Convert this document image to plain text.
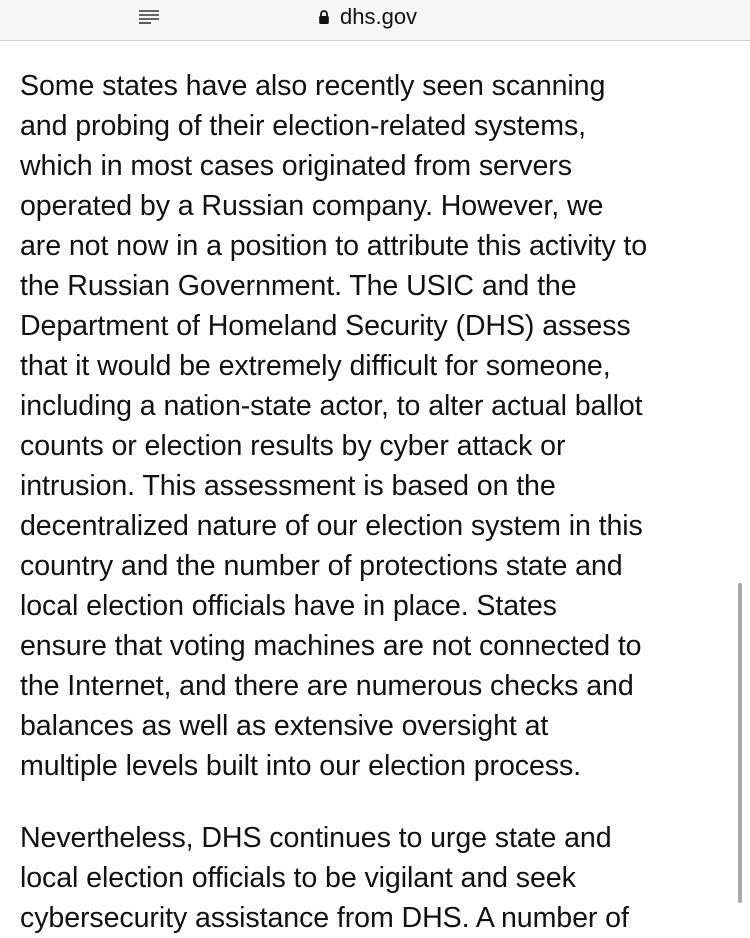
dhs.gov

Some states have also recently seen scanning
and probing of their election-related systems,
which in most cases originated from servers
operated by a Russian company. However, we
are not now in a position to attribute this activity to
the Russian Government. The USIC and the
Department of Homeland Security (DHS) assess
that it would be extremely difficult for someone,
including a nation-state actor, to alter actual ballot
counts or election results by cyber attack or
intrusion. This assessment is based on the
decentralized nature of our election system in this
country and the number of protections state and
local election officials have in place. States
ensure that voting machines are not connected to
the Internet, and there are numerous checks and
balances as well as extensive oversight at
multiple levels built into our election process.

Nevertheless, DHS continues to urge state and
local election officials to be vigilant and seek
cybersecurity assistance from DHS. A number of
